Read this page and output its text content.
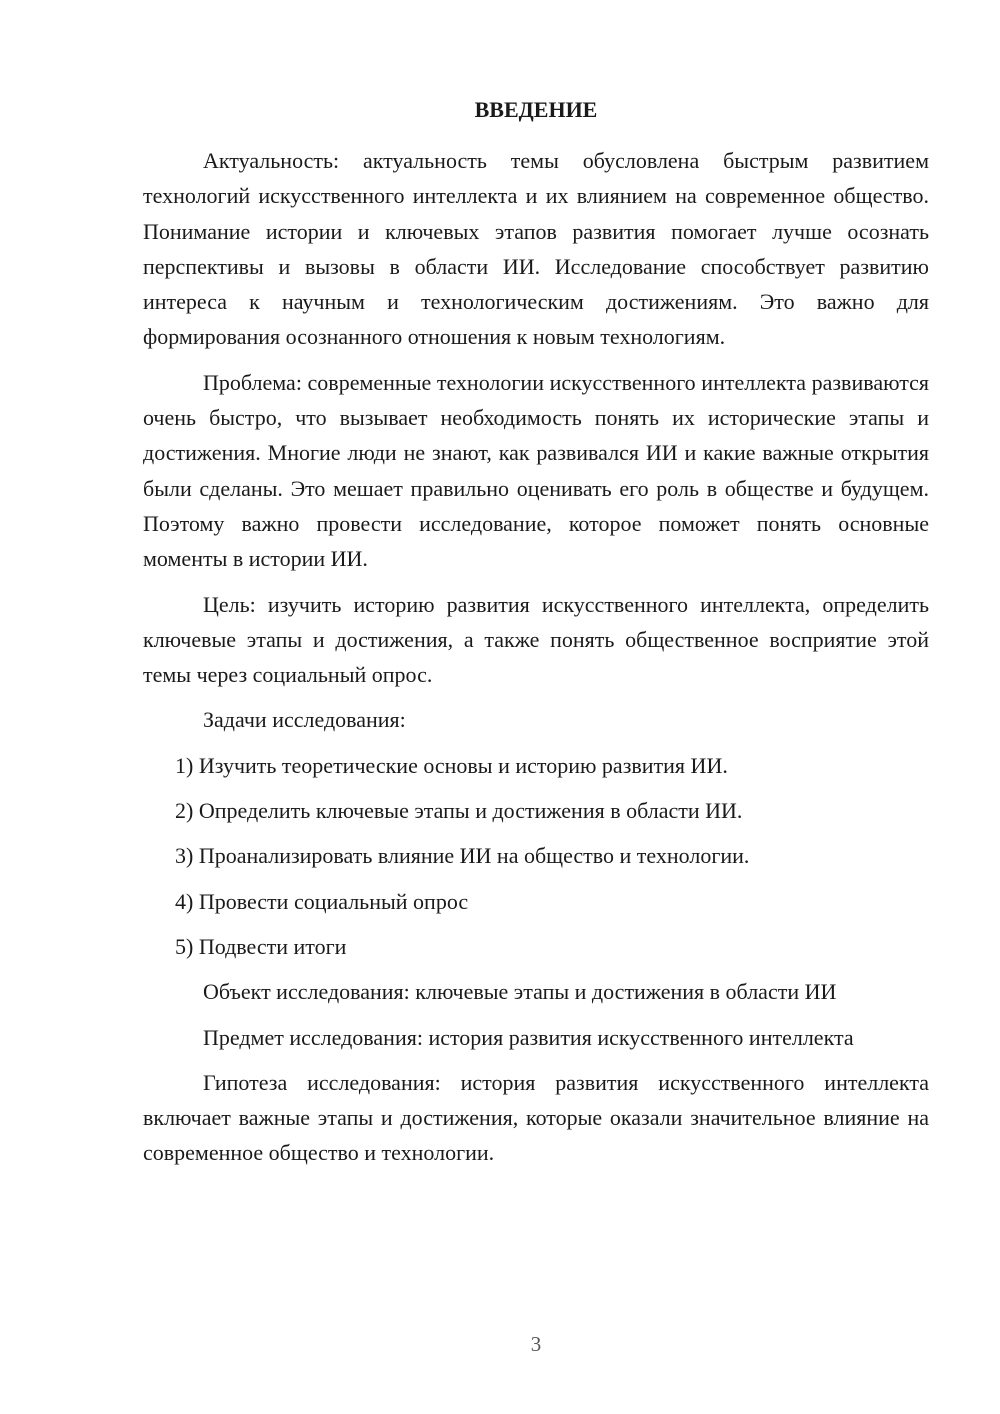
ВВЕДЕНИЕ

Актуальность: актуальность темы обусловлена быстрым развитием технологий искусственного интеллекта и их влиянием на современное общество. Понимание истории и ключевых этапов развития помогает лучше осознать перспективы и вызовы в области ИИ. Исследование способствует развитию интереса к научным и технологическим достижениям. Это важно для формирования осознанного отношения к новым технологиям.

Проблема: современные технологии искусственного интеллекта развиваются очень быстро, что вызывает необходимость понять их исторические этапы и достижения. Многие люди не знают, как развивался ИИ и какие важные открытия были сделаны. Это мешает правильно оценивать его роль в обществе и будущем. Поэтому важно провести исследование, которое поможет понять основные моменты в истории ИИ.

Цель: изучить историю развития искусственного интеллекта, определить ключевые этапы и достижения, а также понять общественное восприятие этой темы через социальный опрос.

Задачи исследования:

1) Изучить теоретические основы и историю развития ИИ.
2) Определить ключевые этапы и достижения в области ИИ.
3) Проанализировать влияние ИИ на общество и технологии.
4) Провести социальный опрос
5) Подвести итоги

Объект исследования: ключевые этапы и достижения в области ИИ

Предмет исследования: история развития искусственного интеллекта

Гипотеза исследования: история развития искусственного интеллекта включает важные этапы и достижения, которые оказали значительное влияние на современное общество и технологии.

3
